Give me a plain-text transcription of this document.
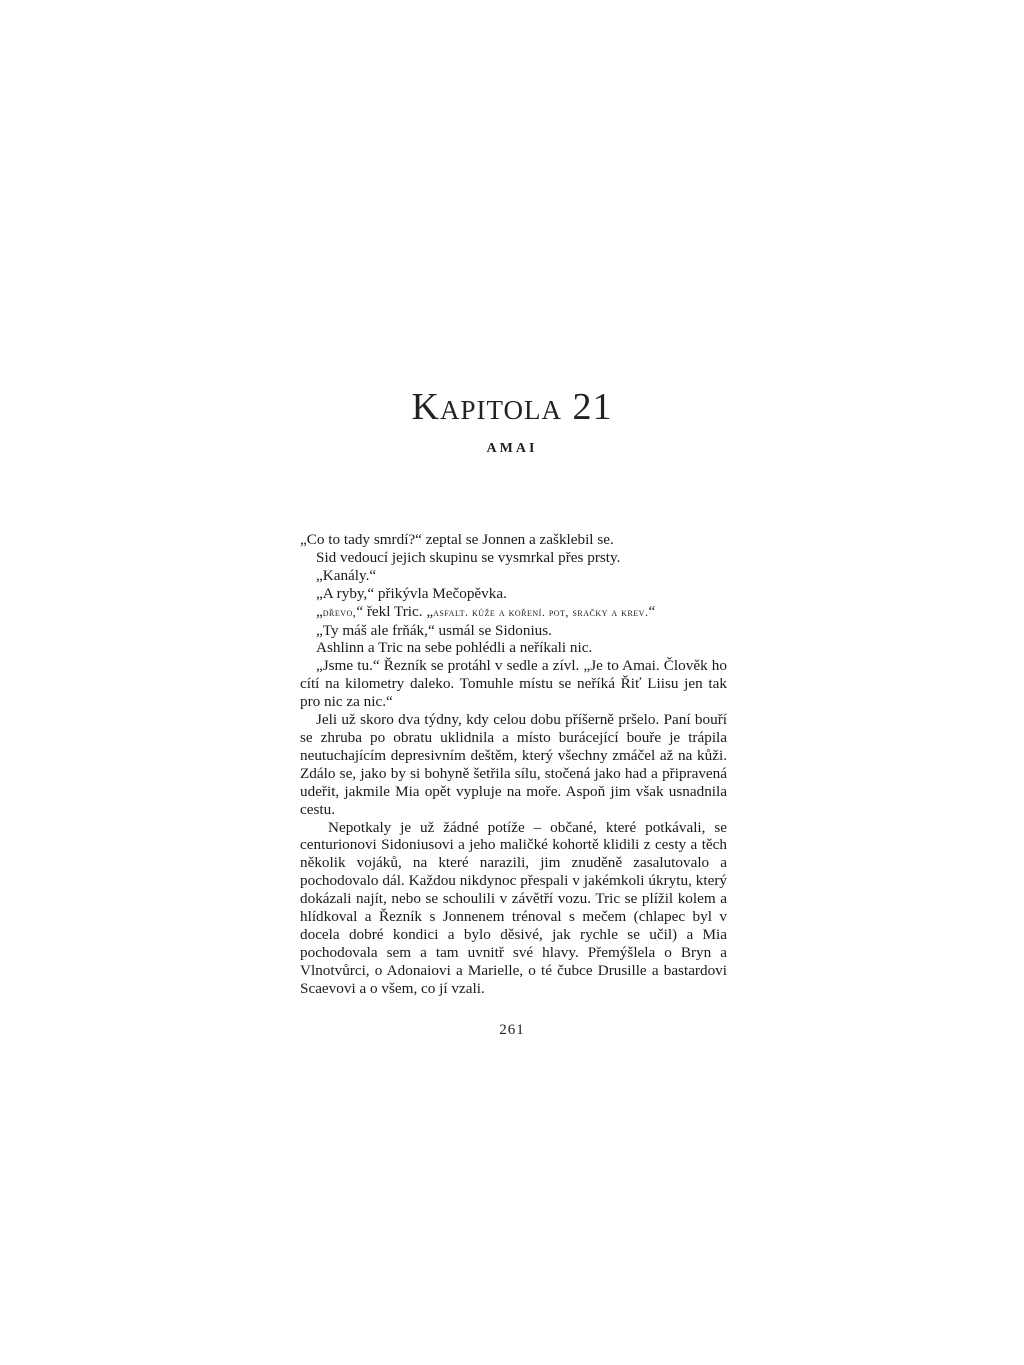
Kapitola 21
AMAI

„Co to tady smrdí?“ zeptal se Jonnen a zašklebil se.

Sid vedoucí jejich skupinu se vysmrkal přes prsty.

„Kanály.“

„A ryby,“ přikývla Mečopěvka.

„dřevo,“ řekl Tric. „asfalt. kůže a koření. pot, sračky a krev.“

„Ty máš ale frňák,“ usmál se Sidonius.

Ashlinn a Tric na sebe pohlédli a neříkali nic.

„Jsme tu.“ Řezník se protáhl v sedle a zívl. „Je to Amai. Člověk ho cítí na kilometry daleko. Tomuhle místu se neříká Řiť Liisu jen tak pro nic za nic.“

Jeli už skoro dva týdny, kdy celou dobu příšerně pršelo. Paní bouří se zhruba po obratu uklidnila a místo burácející bouře je trápila neutuchajícím depresivním deštěm, který všechny zmáčel až na kůži. Zdálo se, jako by si bohyně šetřila sílu, stočená jako had a připravená udeřit, jakmile Mia opět vypluje na moře. Aspoň jim však usnadnila cestu.

Nepotkaly je už žádné potíže – občané, které potkávali, se centurionovi Sidoniusovi a jeho maličké kohortě klidili z cesty a těch několik vojáků, na které narazili, jim znuděně zasalutovalo a pochodovalo dál. Každou nikdynoc přespali v jakémkoli úkrytu, který dokázali najít, nebo se schoulili v závětří vozu. Tric se plížil kolem a hlídkoval a Řezník s Jonnenem trénoval s mečem (chlapec byl v docela dobré kondici a bylo děsivé, jak rychle se učil) a Mia pochodovala sem a tam uvnitř své hlavy. Přemýšlela o Bryn a Vlnotvůrci, o Adonaiovi a Marielle, o té čubce Drusille a bastardovi Scaevovi a o všem, co jí vzali.

261
